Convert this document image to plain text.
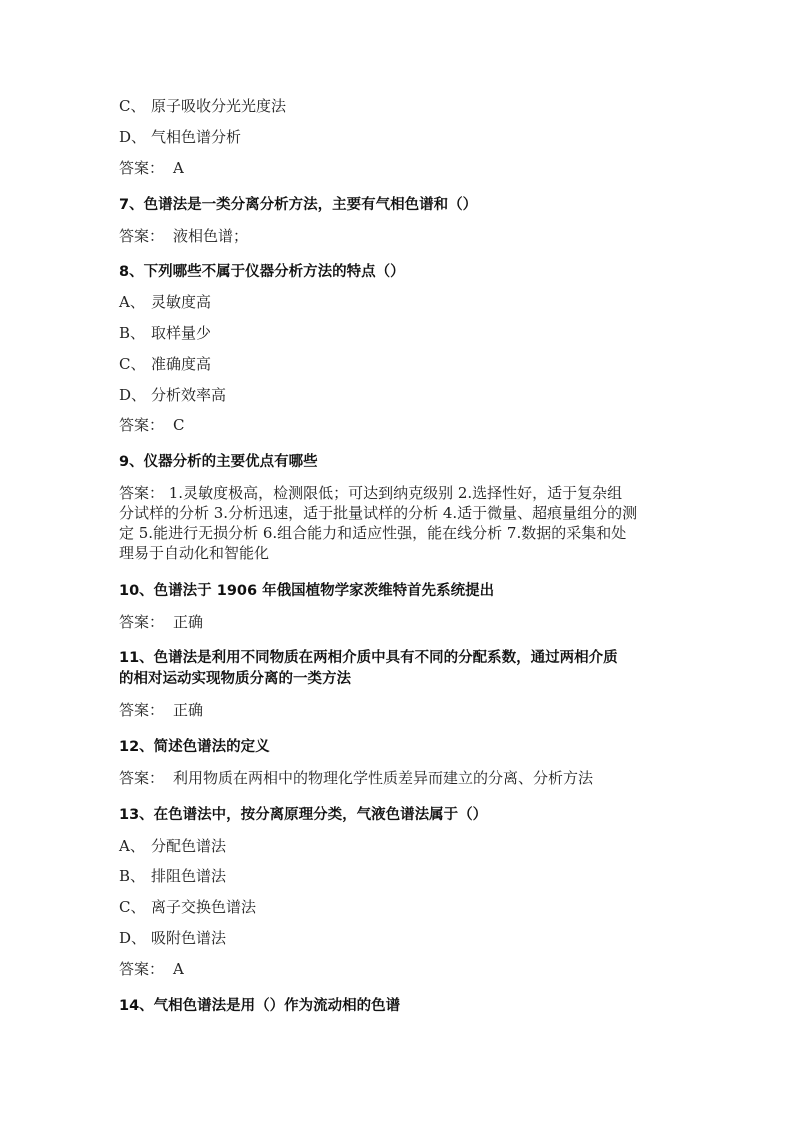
C、 原子吸收分光光度法
D、 气相色谱分析
答案： A
7、色谱法是一类分离分析方法，主要有气相色谱和（）
答案： 液相色谱；
8、下列哪些不属于仪器分析方法的特点（）
A、 灵敏度高
B、 取样量少
C、 准确度高
D、 分析效率高
答案： C
9、仪器分析的主要优点有哪些
答案： 1.灵敏度极高，检测限低；可达到纳克级别 2.选择性好，适于复杂组
分试样的分析 3.分析迅速，适于批量试样的分析 4.适于微量、超痕量组分的测
定 5.能进行无损分析 6.组合能力和适应性强，能在线分析 7.数据的采集和处
理易于自动化和智能化
10、色谱法于 1906 年俄国植物学家茨维特首先系统提出
答案： 正确
11、色谱法是利用不同物质在两相介质中具有不同的分配系数，通过两相介质
的相对运动实现物质分离的一类方法
答案： 正确
12、简述色谱法的定义
答案： 利用物质在两相中的物理化学性质差异而建立的分离、分析方法
13、在色谱法中，按分离原理分类，气液色谱法属于（）
A、 分配色谱法
B、 排阻色谱法
C、 离子交换色谱法
D、 吸附色谱法
答案： A
14、气相色谱法是用（）作为流动相的色谱
